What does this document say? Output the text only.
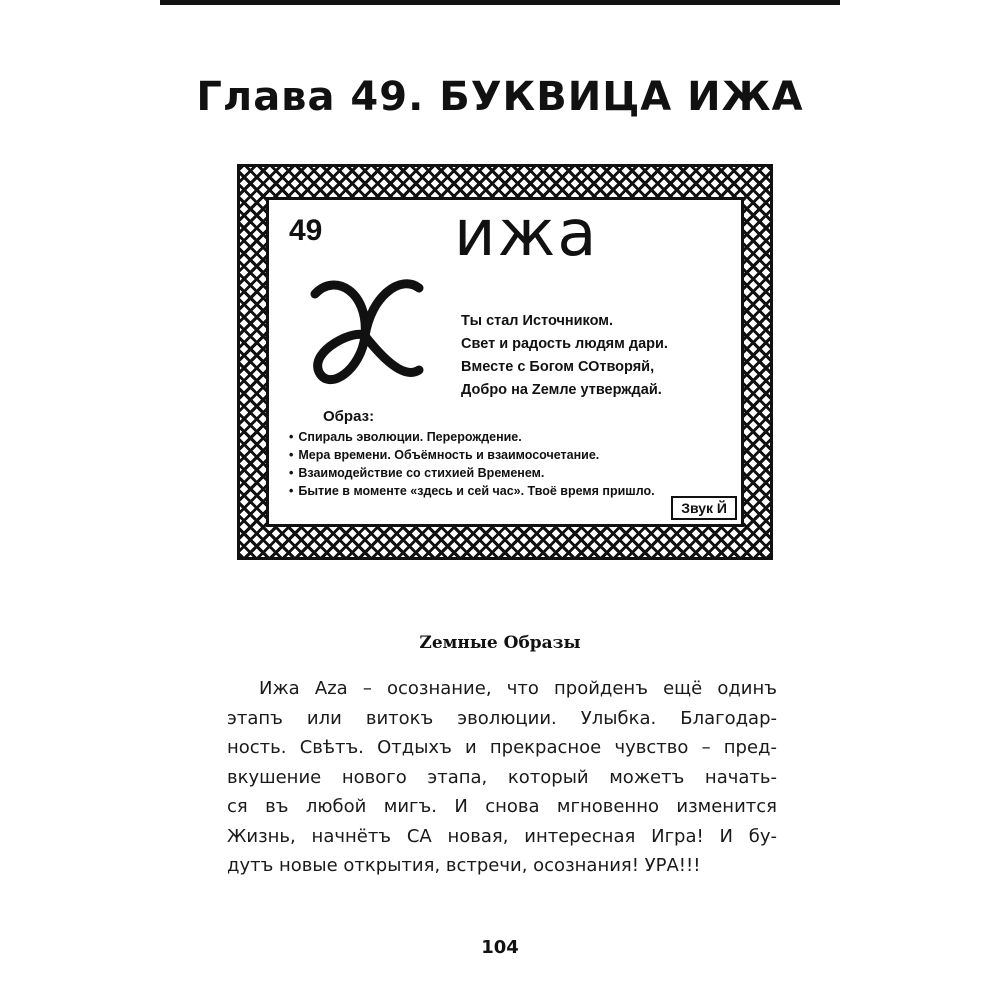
Глава 49. БУКВИЦА ИЖА
49 ижа
Ты стал Источником.
Свет и радость людям дари.
Вместе с Богом СОтворяй,
Добро на Zемле утверждай.
Образ:
• Спираль эволюции. Перерождение.
• Мера времени. Объёмность и взаимосочетание.
• Взаимодействие со стихией Временем.
• Бытие в моменте «здесь и сей час». Твоё время пришло.
Звук Й
Zемные Образы
Ижа Aza – осознание, что пройденъ ещё одинъ
этапъ или витокъ эволюции. Улыбка. Благодар-
ность. Свѣтъ. Отдыхъ и прекрасное чувство – пред-
вкушение нового этапа, который можетъ начать-
ся въ любой мигъ. И снова мгновенно изменится
Жизнь, начнётъ СА новая, интересная Игра! И бу-
дутъ новые открытия, встречи, осознания! УРА!!!
104
